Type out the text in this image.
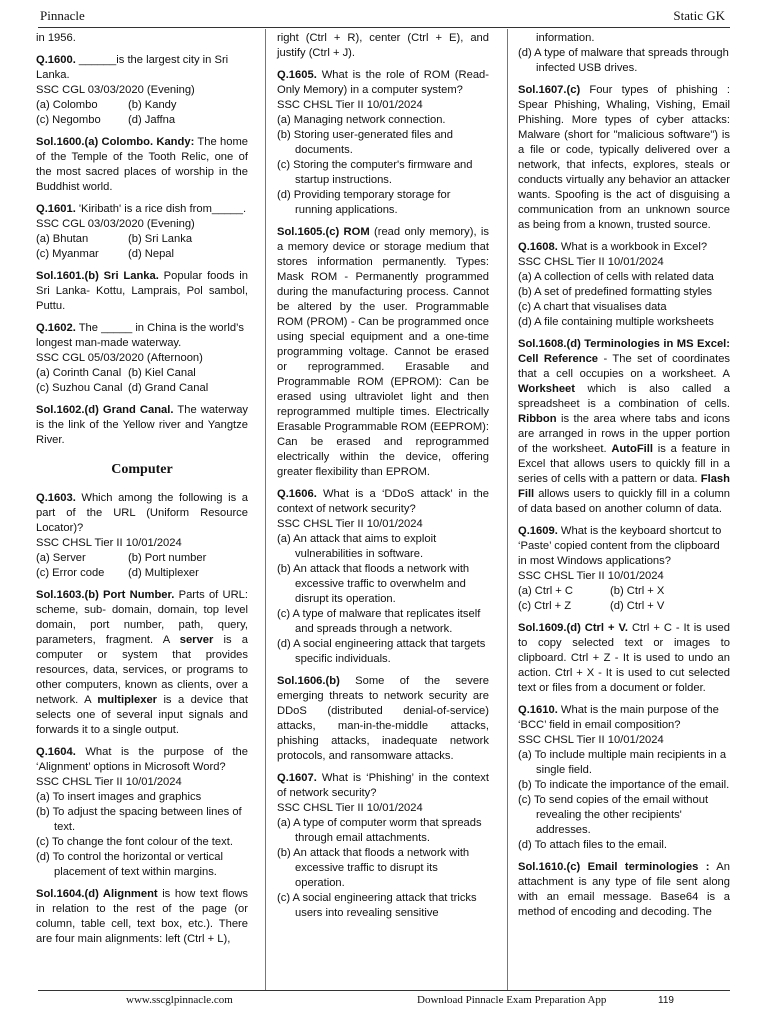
Pinnacle	Static GK

in 1956.

Q.1600. ______is the largest city in Sri Lanka.

SSC CGL 03/03/2020 (Evening)

(a) Colombo	(b) Kandy
(c) Negombo	(d) Jaffna

Sol.1600.(a) Colombo. Kandy: The home of the Temple of the Tooth Relic, one of the most sacred places of worship in the Buddhist world.

Q.1601. 'Kiribath' is a rice dish from_____.

SSC CGL 03/03/2020 (Evening)

(a) Bhutan	(b) Sri Lanka
(c) Myanmar	(d) Nepal

Sol.1601.(b) Sri Lanka. Popular foods in Sri Lanka- Kottu, Lamprais, Pol sambol, Puttu.

Q.1602. The _____ in China is the world’s longest man-made waterway.

SSC CGL 05/03/2020 (Afternoon)

(a) Corinth Canal (b) Kiel Canal
(c) Suzhou Canal (d) Grand Canal

Sol.1602.(d) Grand Canal. The waterway is the link of the Yellow river and Yangtze River.

Computer

Q.1603. Which among the following is a part of the URL (Uniform Resource Locator)?

SSC CHSL Tier II 10/01/2024

(a) Server	(b) Port number
(c) Error code	(d) Multiplexer

Sol.1603.(b) Port Number. Parts of URL: scheme, sub- domain, domain, top level domain, port number, path, query, parameters, fragment. A server is a computer or system that provides resources, data, services, or programs to other computers, known as clients, over a network. A multiplexer is a device that selects one of several input signals and forwards it to a single output.

Q.1604. What is the purpose of the ‘Alignment’ options in Microsoft Word?

SSC CHSL Tier II 10/01/2024

(a) To insert images and graphics

(b) To adjust the spacing between lines of text.

(c) To change the font colour of the text.

(d) To control the horizontal or vertical placement of text within margins.

Sol.1604.(d) Alignment is how text flows in relation to the rest of the page (or column, table cell, text box, etc.). There are four main alignments: left (Ctrl + L),

right (Ctrl + R), center (Ctrl + E), and justify (Ctrl + J).

Q.1605. What is the role of ROM (Read-Only Memory) in a computer system?

SSC CHSL Tier II 10/01/2024

(a) Managing network connection.

(b) Storing user-generated files and documents.

(c) Storing the computer's firmware and startup instructions.

(d) Providing temporary storage for running applications.

Sol.1605.(c) ROM (read only memory), is a memory device or storage medium that stores information permanently. Types: Mask ROM - Permanently programmed during the manufacturing process. Cannot be altered by the user. Programmable ROM (PROM) - Can be programmed once using special equipment and a one-time programming voltage. Cannot be erased or reprogrammed. Erasable and Programmable ROM (EPROM): Can be erased using ultraviolet light and then reprogrammed multiple times. Electrically Erasable Programmable ROM (EEPROM): Can be erased and reprogrammed electrically within the device, offering greater flexibility than EPROM.

Q.1606. What is a ‘DDoS attack’ in the context of network security?

SSC CHSL Tier II 10/01/2024

(a) An attack that aims to exploit vulnerabilities in software.

(b) An attack that floods a network with excessive traffic to overwhelm and disrupt its operation.

(c) A type of malware that replicates itself and spreads through a network.

(d) A social engineering attack that targets specific individuals.

Sol.1606.(b) Some of the severe emerging threats to network security are DDoS (distributed denial-of-service) attacks, man-in-the-middle attacks, phishing attacks, inadequate network protocols, and ransomware attacks.

Q.1607. What is ‘Phishing’ in the context of network security?

SSC CHSL Tier II 10/01/2024

(a) A type of computer worm that spreads through email attachments.

(b) An attack that floods a network with excessive traffic to disrupt its operation.

(c) A social engineering attack that tricks users into revealing sensitive

information.

(d) A type of malware that spreads through infected USB drives.

Sol.1607.(c) Four types of phishing : Spear Phishing, Whaling, Vishing, Email Phishing. More types of cyber attacks: Malware (short for "malicious software") is a file or code, typically delivered over a network, that infects, explores, steals or conducts virtually any behavior an attacker wants. Spoofing is the act of disguising a communication from an unknown source as being from a known, trusted source.

Q.1608. What is a workbook in Excel?

SSC CHSL Tier II 10/01/2024

(a) A collection of cells with related data

(b) A set of predefined formatting styles

(c) A chart that visualises data

(d) A file containing multiple worksheets

Sol.1608.(d) Terminologies in MS Excel: Cell Reference - The set of coordinates that a cell occupies on a worksheet. A Worksheet which is also called a spreadsheet is a combination of cells. Ribbon is the area where tabs and icons are arranged in rows in the upper portion of the worksheet. AutoFill is a feature in Excel that allows users to quickly fill in a series of cells with a pattern or data. Flash Fill allows users to quickly fill in a column of data based on another column of data.

Q.1609. What is the keyboard shortcut to ‘Paste’ copied content from the clipboard in most Windows applications?

SSC CHSL Tier II 10/01/2024

(a) Ctrl + C	(b) Ctrl + X
(c) Ctrl + Z	(d) Ctrl + V

Sol.1609.(d) Ctrl + V. Ctrl + C - It is used to copy selected text or images to clipboard. Ctrl + Z - It is used to undo an action. Ctrl + X - It is used to cut selected text or files from a document or folder.

Q.1610. What is the main purpose of the ‘BCC’ field in email composition?

SSC CHSL Tier II 10/01/2024

(a) To include multiple main recipients in a single field.

(b) To indicate the importance of the email.

(c) To send copies of the email without revealing the other recipients' addresses.

(d) To attach files to the email.

Sol.1610.(c) Email terminologies : An attachment is any type of file sent along with an email message. Base64 is a method of encoding and decoding. The

www.sscglpinnacle.com	Download Pinnacle Exam Preparation App	119
